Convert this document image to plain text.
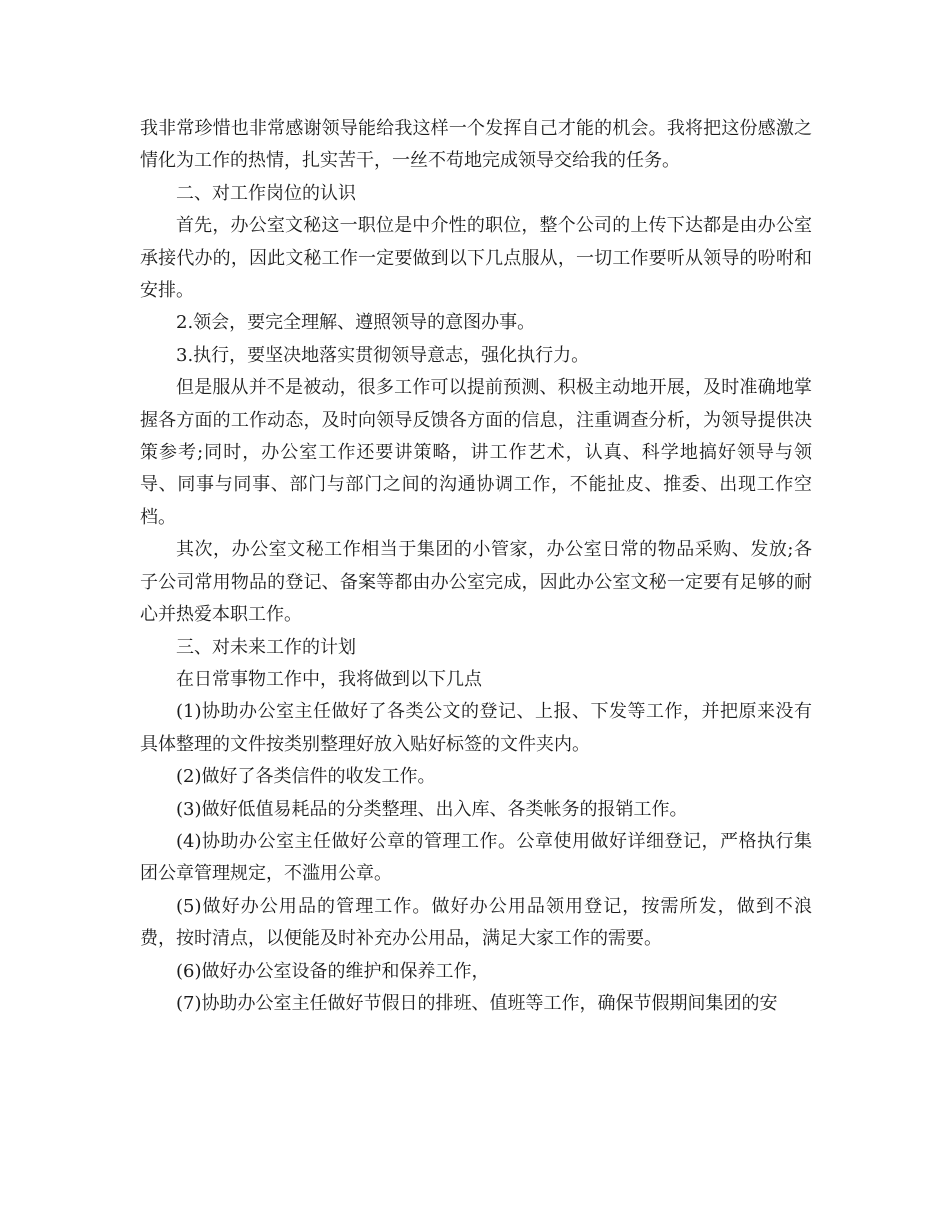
我非常珍惜也非常感谢领导能给我这样一个发挥自己才能的机会。我将把这份感激之情化为工作的热情，扎实苦干，一丝不苟地完成领导交给我的任务。

二、对工作岗位的认识

首先，办公室文秘这一职位是中介性的职位，整个公司的上传下达都是由办公室承接代办的，因此文秘工作一定要做到以下几点服从，一切工作要听从领导的吩咐和安排。

2.领会，要完全理解、遵照领导的意图办事。

3.执行，要坚决地落实贯彻领导意志，强化执行力。

但是服从并不是被动，很多工作可以提前预测、积极主动地开展，及时准确地掌握各方面的工作动态，及时向领导反馈各方面的信息，注重调查分析，为领导提供决策参考;同时，办公室工作还要讲策略，讲工作艺术，认真、科学地搞好领导与领导、同事与同事、部门与部门之间的沟通协调工作，不能扯皮、推委、出现工作空档。

其次，办公室文秘工作相当于集团的小管家，办公室日常的物品采购、发放;各子公司常用物品的登记、备案等都由办公室完成，因此办公室文秘一定要有足够的耐心并热爱本职工作。

三、对未来工作的计划

在日常事物工作中，我将做到以下几点

(1)协助办公室主任做好了各类公文的登记、上报、下发等工作，并把原来没有具体整理的文件按类别整理好放入贴好标签的文件夹内。

(2)做好了各类信件的收发工作。

(3)做好低值易耗品的分类整理、出入库、各类帐务的报销工作。

(4)协助办公室主任做好公章的管理工作。公章使用做好详细登记，严格执行集团公章管理规定，不滥用公章。

(5)做好办公用品的管理工作。做好办公用品领用登记，按需所发，做到不浪费，按时清点，以便能及时补充办公用品，满足大家工作的需要。

(6)做好办公室设备的维护和保养工作，

(7)协助办公室主任做好节假日的排班、值班等工作，确保节假期间集团的安
